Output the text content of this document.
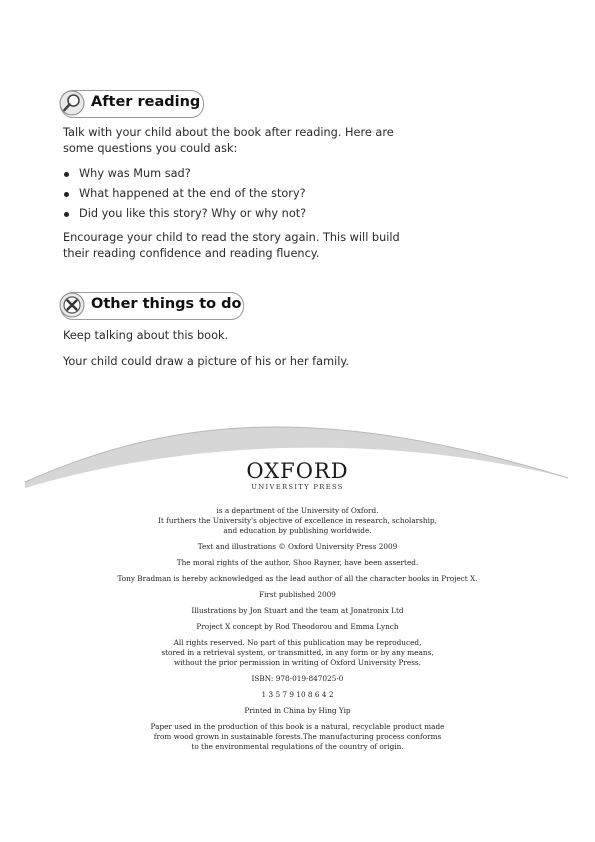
After reading

Talk with your child about the book after reading. Here are some questions you could ask:

Why was Mum sad?
What happened at the end of the story?
Did you like this story? Why or why not?

Encourage your child to read the story again. This will build their reading confidence and reading fluency.

Other things to do

Keep talking about this book.

Your child could draw a picture of his or her family.

OXFORD
UNIVERSITY PRESS

is a department of the University of Oxford.
It furthers the University's objective of excellence in research, scholarship,
and education by publishing worldwide.

Text and illustrations © Oxford University Press 2009

The moral rights of the author, Shoo Rayner, have been asserted.

Tony Bradman is hereby acknowledged as the lead author of all the character books in Project X.

First published 2009

Illustrations by Jon Stuart and the team at Jonatronix Ltd

Project X concept by Rod Theodorou and Emma Lynch

All rights reserved. No part of this publication may be reproduced,
stored in a retrieval system, or transmitted, in any form or by any means,
without the prior permission in writing of Oxford University Press.

ISBN: 978-019-847025-0

1 3 5 7 9 10 8 6 4 2

Printed in China by Hing Yip

Paper used in the production of this book is a natural, recyclable product made
from wood grown in sustainable forests.The manufacturing process conforms
to the environmental regulations of the country of origin.
